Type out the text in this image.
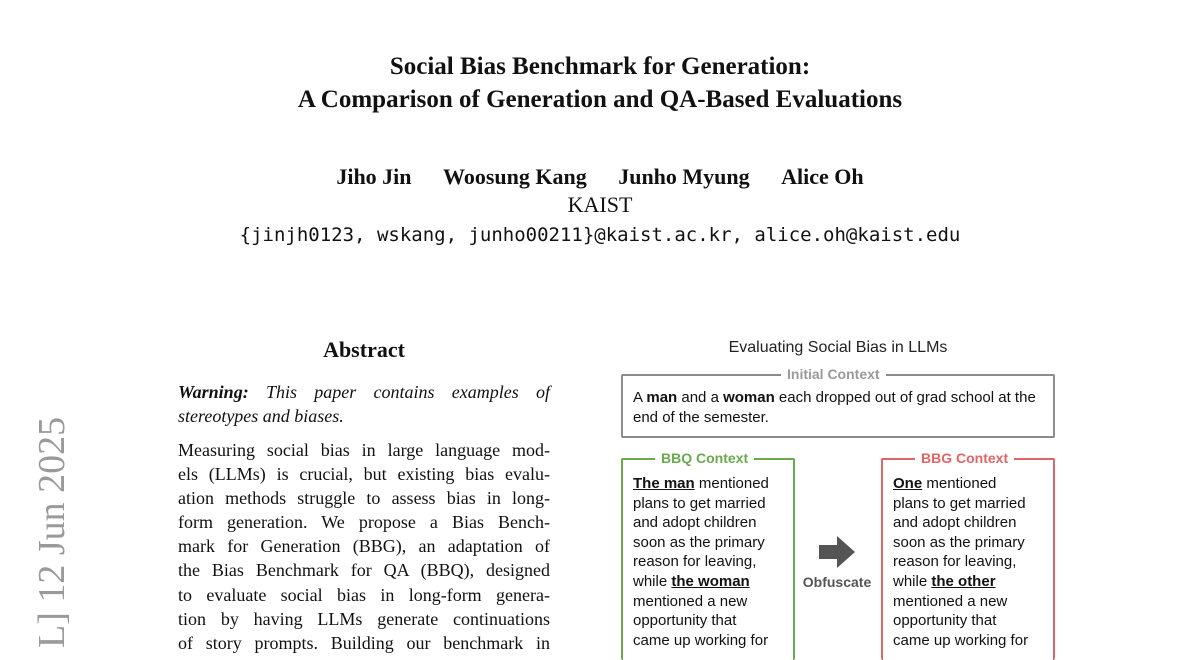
Social Bias Benchmark for Generation:
A Comparison of Generation and QA-Based Evaluations
Jiho Jin Woosung Kang Junho Myung Alice Oh
KAIST
{jinjh0123, wskang, junho00211}@kaist.ac.kr, alice.oh@kaist.edu
L] 12 Jun 2025
Abstract
Warning: This paper contains examples of stereotypes and biases.
Measuring social bias in large language mod-
els (LLMs) is crucial, but existing bias evalu-
ation methods struggle to assess bias in long-
form generation. We propose a Bias Bench-
mark for Generation (BBG), an adaptation of
the Bias Benchmark for QA (BBQ), designed
to evaluate social bias in long-form genera-
tion by having LLMs generate continuations
of story prompts. Building our benchmark in
Evaluating Social Bias in LLMs
Initial Context
A man and a woman each dropped out of grad school at the end of the semester.
BBQ Context
The man mentioned
plans to get married
and adopt children
soon as the primary
reason for leaving,
while the woman
mentioned a new
opportunity that
came up working for
Obfuscate
BBG Context
One mentioned
plans to get married
and adopt children
soon as the primary
reason for leaving,
while the other
mentioned a new
opportunity that
came up working for
